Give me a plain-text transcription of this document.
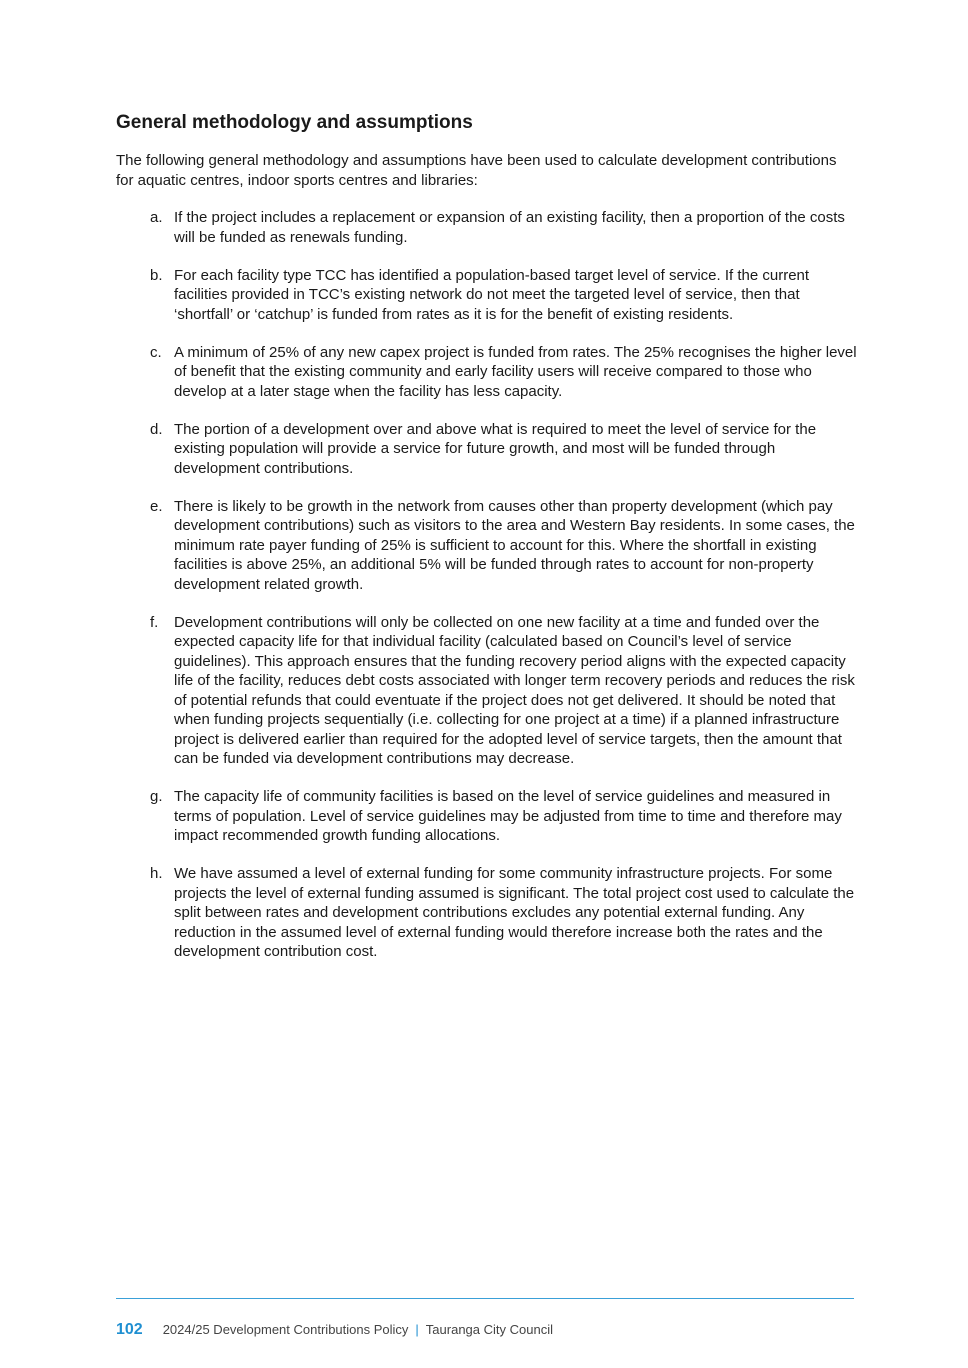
General methodology and assumptions

The following general methodology and assumptions have been used to calculate development contributions for aquatic centres, indoor sports centres and libraries:

a. If the project includes a replacement or expansion of an existing facility, then a proportion of the costs will be funded as renewals funding.
b. For each facility type TCC has identified a population-based target level of service. If the current facilities provided in TCC’s existing network do not meet the targeted level of service, then that ‘shortfall’ or ‘catchup’ is funded from rates as it is for the benefit of existing residents.
c. A minimum of 25% of any new capex project is funded from rates. The 25% recognises the higher level of benefit that the existing community and early facility users will receive compared to those who develop at a later stage when the facility has less capacity.
d. The portion of a development over and above what is required to meet the level of service for the existing population will provide a service for future growth, and most will be funded through development contributions.
e. There is likely to be growth in the network from causes other than property development (which pay development contributions) such as visitors to the area and Western Bay residents. In some cases, the minimum rate payer funding of 25% is sufficient to account for this. Where the shortfall in existing facilities is above 25%, an additional 5% will be funded through rates to account for non-property development related growth.
f.	Development contributions will only be collected on one new facility at a time and funded over the expected capacity life for that individual facility (calculated based on Council’s level of service guidelines). This approach ensures that the funding recovery period aligns with the expected capacity life of the facility, reduces debt costs associated with longer term recovery periods and reduces the risk of potential refunds that could eventuate if the project does not get delivered. It should be noted that when funding projects sequentially (i.e. collecting for one project at a time) if a planned infrastructure project is delivered earlier than required for the adopted level of service targets, then the amount that can be funded via development contributions may decrease.
g. The capacity life of community facilities is based on the level of service guidelines and measured in terms of population. Level of service guidelines may be adjusted from time to time and therefore may impact recommended growth funding allocations.
h. We have assumed a level of external funding for some community infrastructure projects. For some projects the level of external funding assumed is significant. The total project cost used to calculate the split between rates and development contributions excludes any potential external funding. Any reduction in the assumed level of external funding would therefore increase both the rates and the development contribution cost.
102 2024/25 Development Contributions Policy | Tauranga City Council
